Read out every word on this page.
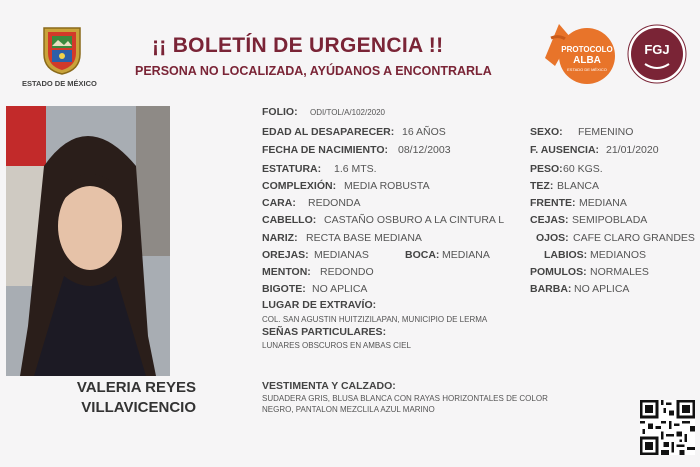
ESTADO DE MÉXICO
¡¡ BOLETÍN DE URGENCIA !!
PERSONA NO LOCALIZADA, AYÚDANOS A ENCONTRARLA
PROTOCOLO
ALBA
ESTADO DE MÉXICO
FGJ
VALERIA REYES
VILLAVICENCIO
FOLIO: ODI/TOL/A/102/2020
EDAD AL DESAPARECER: 16 AÑOS
FECHA DE NACIMIENTO: 08/12/2003
ESTATURA: 1.6 MTS.
COMPLEXIÓN: MEDIA ROBUSTA
CARA: REDONDA
CABELLO: CASTAÑO OSBURO A LA CINTURA L
NARIZ: RECTA BASE MEDIANA
OREJAS: MEDIANAS	BOCA: MEDIANA
MENTON: REDONDO
BIGOTE: NO APLICA
LUGAR DE EXTRAVÍO:
COL. SAN AGUSTIN HUITZIZILAPAN, MUNICIPIO DE LERMA
SEÑAS PARTICULARES:
LUNARES OBSCUROS EN AMBAS CIEL
VESTIMENTA Y CALZADO:
SUDADERA GRIS, BLUSA BLANCA CON RAYAS HORIZONTALES DE COLOR
NEGRO, PANTALON MEZCLILA AZUL MARINO
SEXO: FEMENINO
F. AUSENCIA: 21/01/2020
PESO: 60 KGS.
TEZ: BLANCA
FRENTE: MEDIANA
CEJAS: SEMIPOBLADA
OJOS: CAFE CLARO GRANDES
LABIOS: MEDIANOS
POMULOS: NORMALES
BARBA: NO APLICA
